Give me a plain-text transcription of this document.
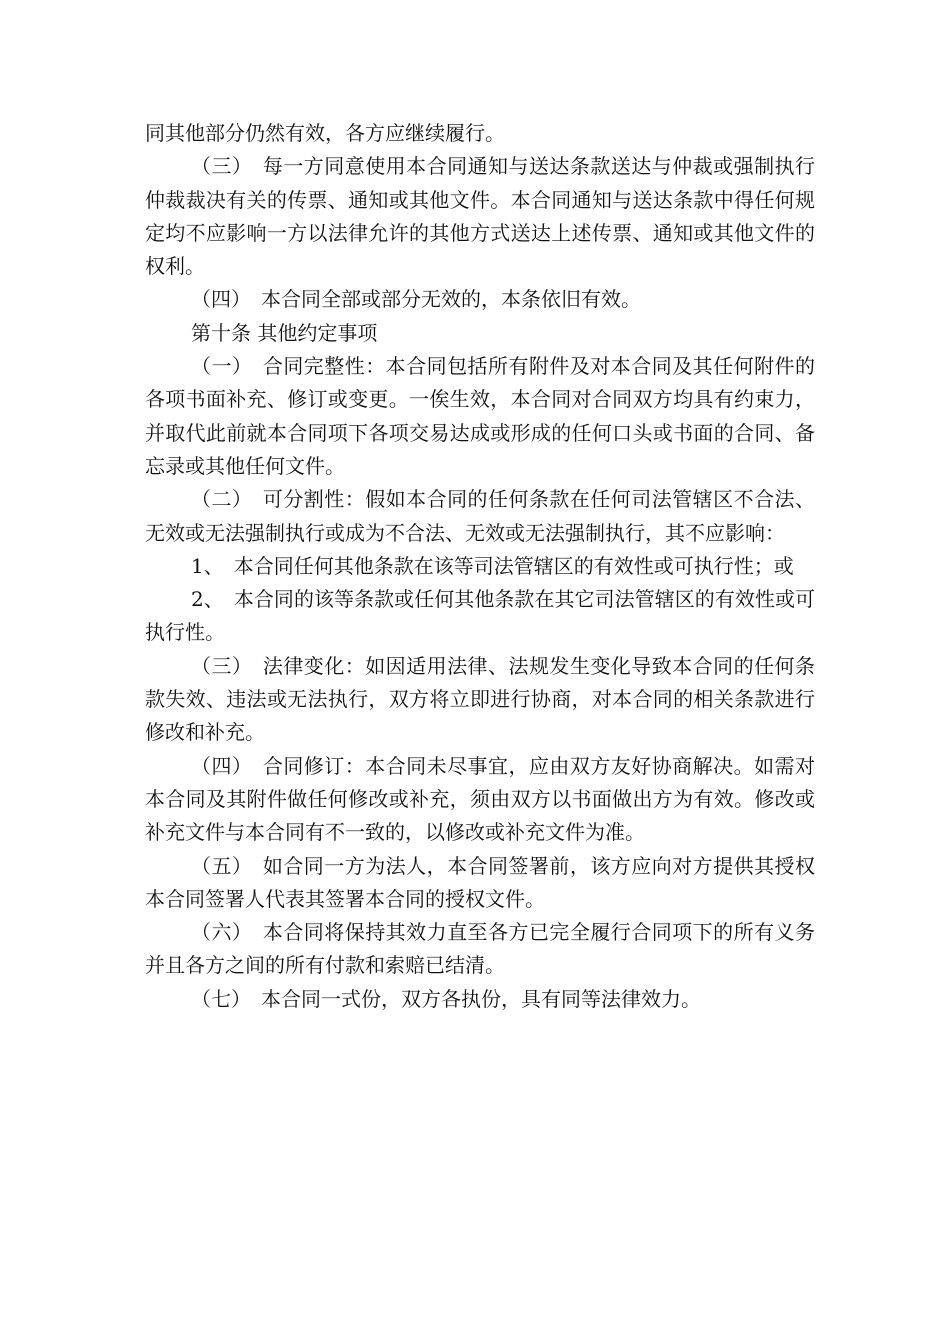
同其他部分仍然有效，各方应继续履行。

（三） 每一方同意使用本合同通知与送达条款送达与仲裁或强制执行仲裁裁决有关的传票、通知或其他文件。本合同通知与送达条款中得任何规定均不应影响一方以法律允许的其他方式送达上述传票、通知或其他文件的权利。

（四） 本合同全部或部分无效的，本条依旧有效。

第十条 其他约定事项

（一） 合同完整性：本合同包括所有附件及对本合同及其任何附件的各项书面补充、修订或变更。一俟生效，本合同对合同双方均具有约束力，并取代此前就本合同项下各项交易达成或形成的任何口头或书面的合同、备忘录或其他任何文件。

（二） 可分割性：假如本合同的任何条款在任何司法管辖区不合法、无效或无法强制执行或成为不合法、无效或无法强制执行，其不应影响：

1、 本合同任何其他条款在该等司法管辖区的有效性或可执行性；或

2、 本合同的该等条款或任何其他条款在其它司法管辖区的有效性或可执行性。

（三） 法律变化：如因适用法律、法规发生变化导致本合同的任何条款失效、违法或无法执行，双方将立即进行协商，对本合同的相关条款进行修改和补充。

（四） 合同修订：本合同未尽事宜，应由双方友好协商解决。如需对本合同及其附件做任何修改或补充，须由双方以书面做出方为有效。修改或补充文件与本合同有不一致的，以修改或补充文件为准。

（五） 如合同一方为法人，本合同签署前，该方应向对方提供其授权本合同签署人代表其签署本合同的授权文件。

（六） 本合同将保持其效力直至各方已完全履行合同项下的所有义务并且各方之间的所有付款和索赔已结清。

（七） 本合同一式份，双方各执份，具有同等法律效力。
